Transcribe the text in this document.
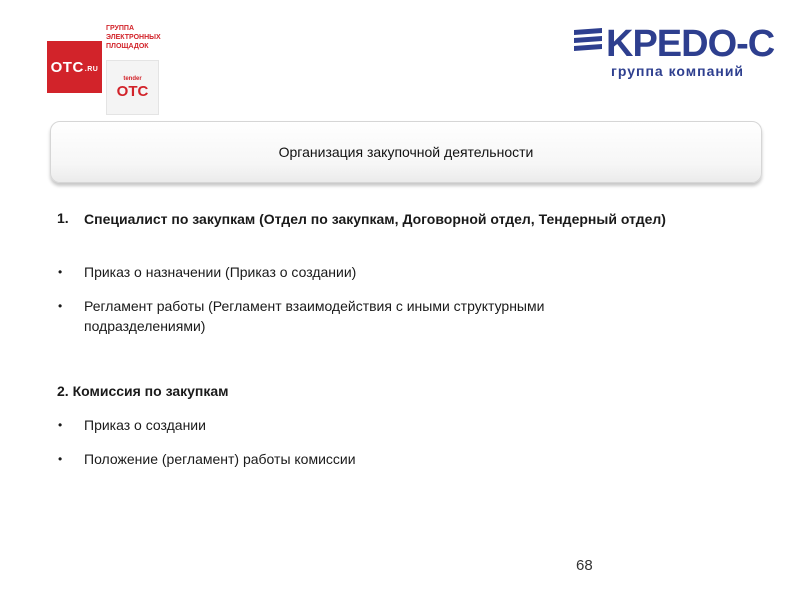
OTC .RU
ГРУППА
ЭЛЕКТРОННЫХ
ПЛОЩАДОК
tender
OTC
KPEDO-C
группа компаний
Организация закупочной деятельности
1. Специалист по закупкам (Отдел по закупкам, Договорной отдел, Тендерный отдел)
• Приказ о назначении (Приказ о создании)
• Регламент работы (Регламент взаимодействия с иными структурными подразделениями)
2. Комиссия по закупкам
• Приказ о создании
• Положение (регламент) работы комиссии
68
